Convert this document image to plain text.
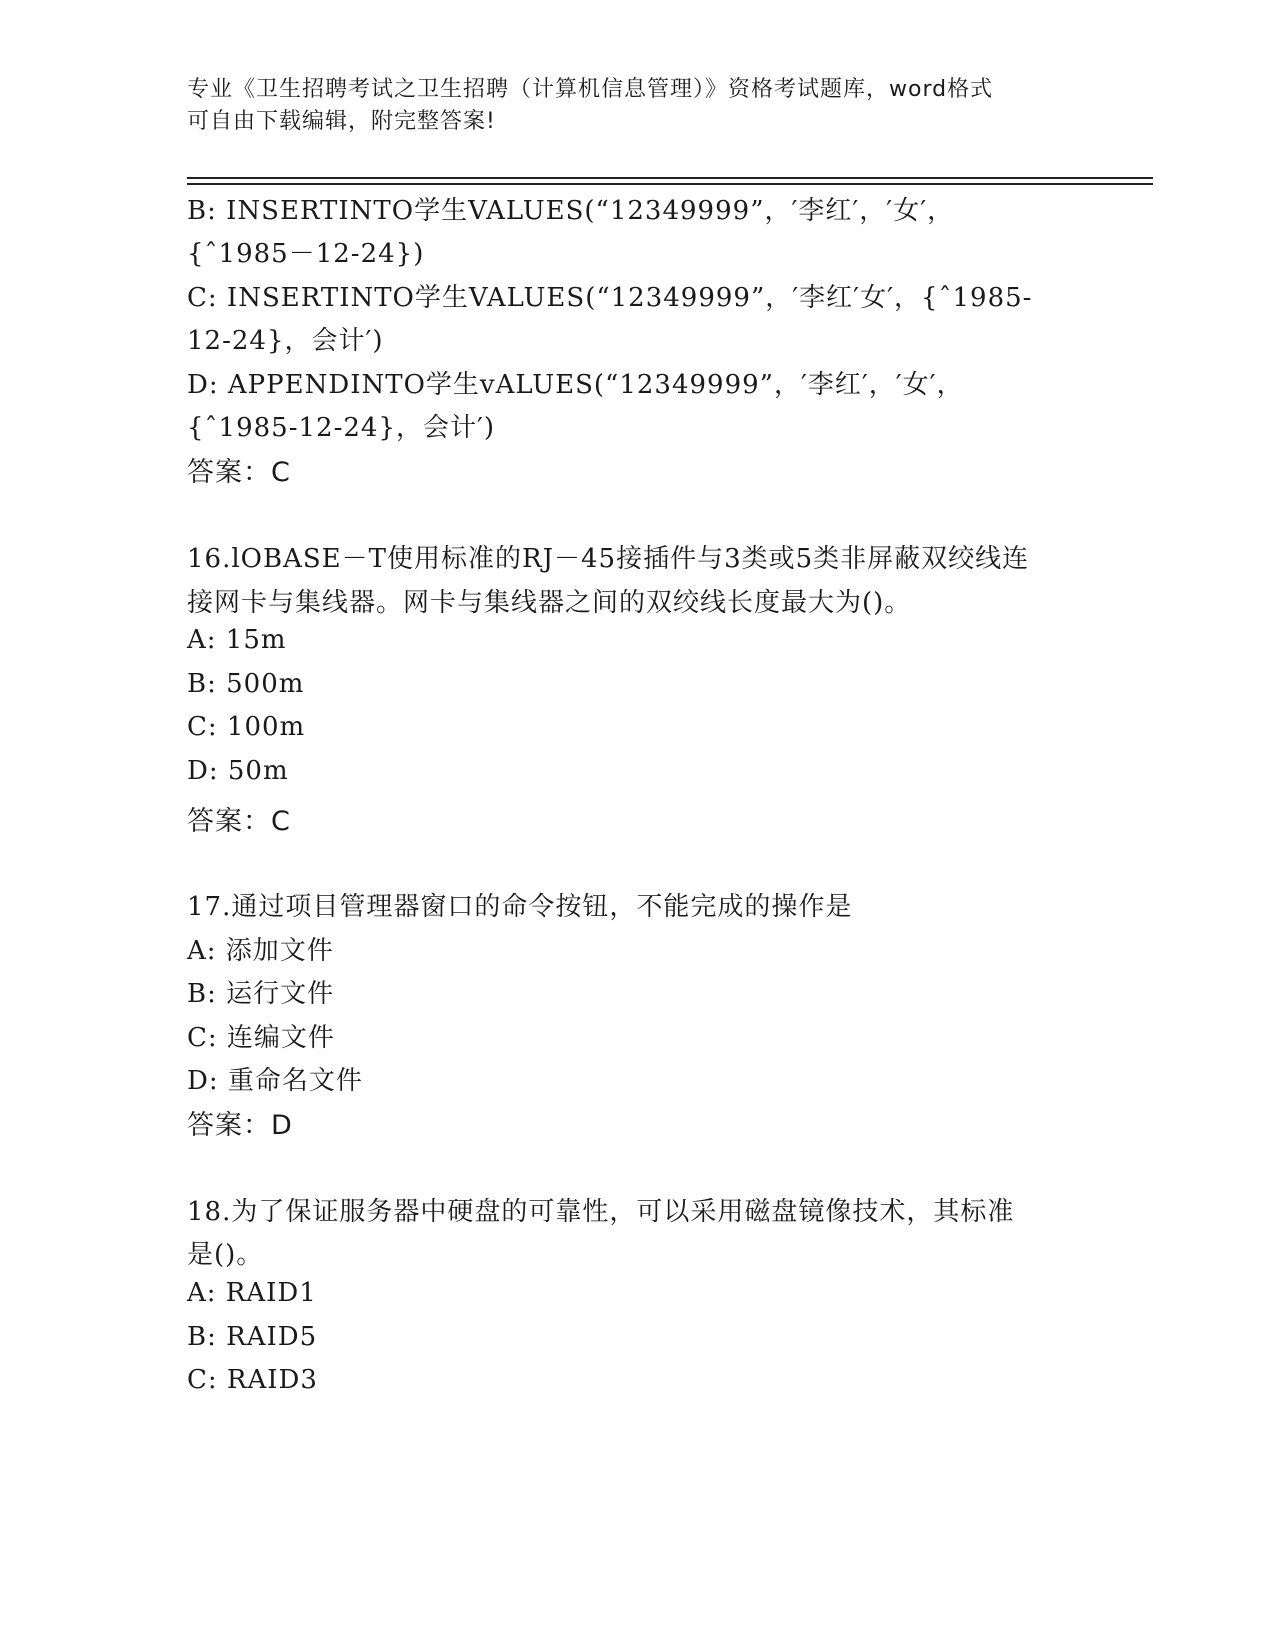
专业《卫生招聘考试之卫生招聘（计算机信息管理）》资格考试题库，word格式
可自由下载编辑，附完整答案!
B: INSERTINTO学生VALUES(“12349999”，′李红′，′女′，
{ˆ1985－12-24})
C: INSERTINTO学生VALUES(“12349999”，′李红′女′，{ˆ1985-
12-24}，会计′)
D: APPENDINTO学生vALUES(“12349999”，′李红′，′女′，
{ˆ1985-12-24}，会计′)
答案：C
16.lOBASE－T使用标准的RJ－45接插件与3类或5类非屏蔽双绞线连
接网卡与集线器。网卡与集线器之间的双绞线长度最大为()。
A: 15m
B: 500m
C: 100m
D: 50m
答案：C
17.通过项目管理器窗口的命令按钮，不能完成的操作是
A: 添加文件
B: 运行文件
C: 连编文件
D: 重命名文件
答案：D
18.为了保证服务器中硬盘的可靠性，可以采用磁盘镜像技术，其标准
是()。
A: RAID1
B: RAID5
C: RAID3
